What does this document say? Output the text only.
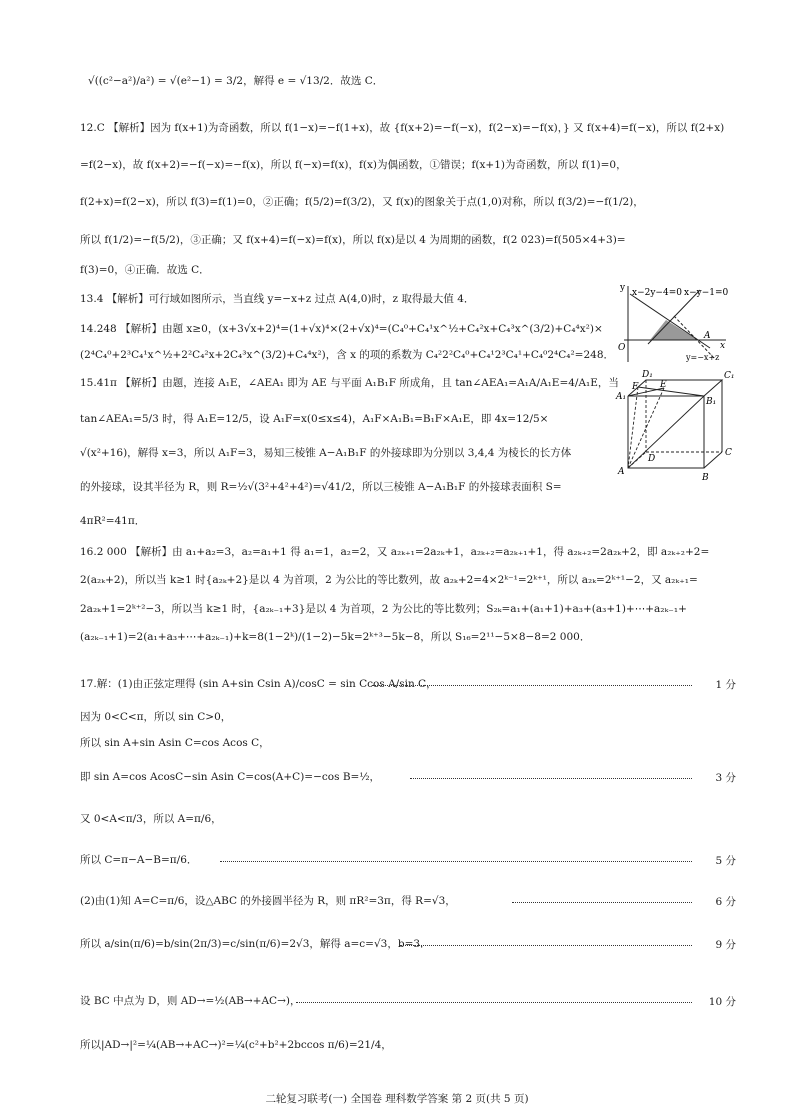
√((c²−a²)/a²) = √(e²−1) = 3/2，解得 e = √13/2．故选 C．
12.C 【解析】因为 f(x+1)为奇函数，所以 f(1−x)=−f(1+x)，故 {f(x+2)=−f(−x)，f(2−x)=−f(x)，} 又 f(x+4)=f(−x)，所以 f(2+x)
=f(2−x)，故 f(x+2)=−f(−x)=−f(x)，所以 f(−x)=f(x)，f(x)为偶函数，①错误；f(x+1)为奇函数，所以 f(1)=0，
f(2+x)=f(2−x)，所以 f(3)=f(1)=0，②正确；f(5/2)=f(3/2)，又 f(x)的图象关于点(1,0)对称，所以 f(3/2)=−f(1/2)，
所以 f(1/2)=−f(5/2)，③正确；又 f(x+4)=f(−x)=f(x)，所以 f(x)是以 4 为周期的函数，f(2 023)=f(505×4+3)=
f(3)=0，④正确．故选 C．
13.4 【解析】可行域如图所示，当直线 y=−x+z 过点 A(4,0)时，z 取得最大值 4．
y x−2y−4=0 x−y−1=0
O
A
x
y=−x+z
14.248 【解析】由题 x≥0，(x+3√x+2)⁴=(1+√x)⁴×(2+√x)⁴=(C₄⁰+C₄¹x^½+C₄²x+C₄³x^(3/2)+C₄⁴x²)×
(2⁴C₄⁰+2³C₄¹x^½+2²C₄²x+2C₄³x^(3/2)+C₄⁴x²)，含 x 的项的系数为 C₄²2²C₄⁰+C₄¹2³C₄¹+C₄⁰2⁴C₄²=248．
15.41π 【解析】由题，连接 A₁E，∠AEA₁ 即为 AE 与平面 A₁B₁F 所成角，且 tan∠AEA₁=A₁A/A₁E=4/A₁E，当
tan∠AEA₁=5/3 时，得 A₁E=12/5，设 A₁F=x(0≤x≤4)，A₁F×A₁B₁=B₁F×A₁E，即 4x=12/5×
√(x²+16)，解得 x=3，所以 A₁F=3，易知三棱锥 A−A₁B₁F 的外接球即为分别以 3,4,4 为棱长的长方体
的外接球，设其半径为 R，则 R=½√(3²+4²+4²)=√41/2，所以三棱锥 A−A₁B₁F 的外接球表面积 S=
4πR²=41π．
D₁
F E
C₁
A₁	B₁
D
C
A
B
16.2 000 【解析】由 a₁+a₂=3，a₂=a₁+1 得 a₁=1，a₂=2，又 a₂ₖ₊₁=2a₂ₖ+1，a₂ₖ₊₂=a₂ₖ₊₁+1，得 a₂ₖ₊₂=2a₂ₖ+2，即 a₂ₖ₊₂+2=
2(a₂ₖ+2)，所以当 k≥1 时{a₂ₖ+2}是以 4 为首项，2 为公比的等比数列，故 a₂ₖ+2=4×2ᵏ⁻¹=2ᵏ⁺¹，所以 a₂ₖ=2ᵏ⁺¹−2，又 a₂ₖ₊₁=
2a₂ₖ+1=2ᵏ⁺²−3，所以当 k≥1 时，{a₂ₖ₋₁+3}是以 4 为首项，2 为公比的等比数列；S₂ₖ=a₁+(a₁+1)+a₃+(a₃+1)+⋯+a₂ₖ₋₁+
(a₂ₖ₋₁+1)=2(a₁+a₃+⋯+a₂ₖ₋₁)+k=8(1−2ᵏ)/(1−2)−5k=2ᵏ⁺³−5k−8，所以 S₁₆=2¹¹−5×8−8=2 000．
17.解：(1)由正弦定理得 (sin A+sin Csin A)/cosC = sin Ccos A/sin C，	1 分
因为 0<C<π，所以 sin C>0，
所以 sin A+sin Asin C=cos Acos C，
即 sin A=cos AcosC−sin Asin C=cos(A+C)=−cos B=½，	3 分
又 0<A<π/3，所以 A=π/6，
所以 C=π−A−B=π/6．	5 分
(2)由(1)知 A=C=π/6，设△ABC 的外接圆半径为 R，则 πR²=3π，得 R=√3，	6 分
所以 a/sin(π/6)=b/sin(2π/3)=c/sin(π/6)=2√3，解得 a=c=√3，b=3．	9 分
设 BC 中点为 D，则 AD→=½(AB→+AC→)，	10 分
所以|AD→|²=¼(AB→+AC→)²=¼(c²+b²+2bccos π/6)=21/4，
二轮复习联考(一) 全国卷 理科数学答案 第 2 页(共 5 页)
